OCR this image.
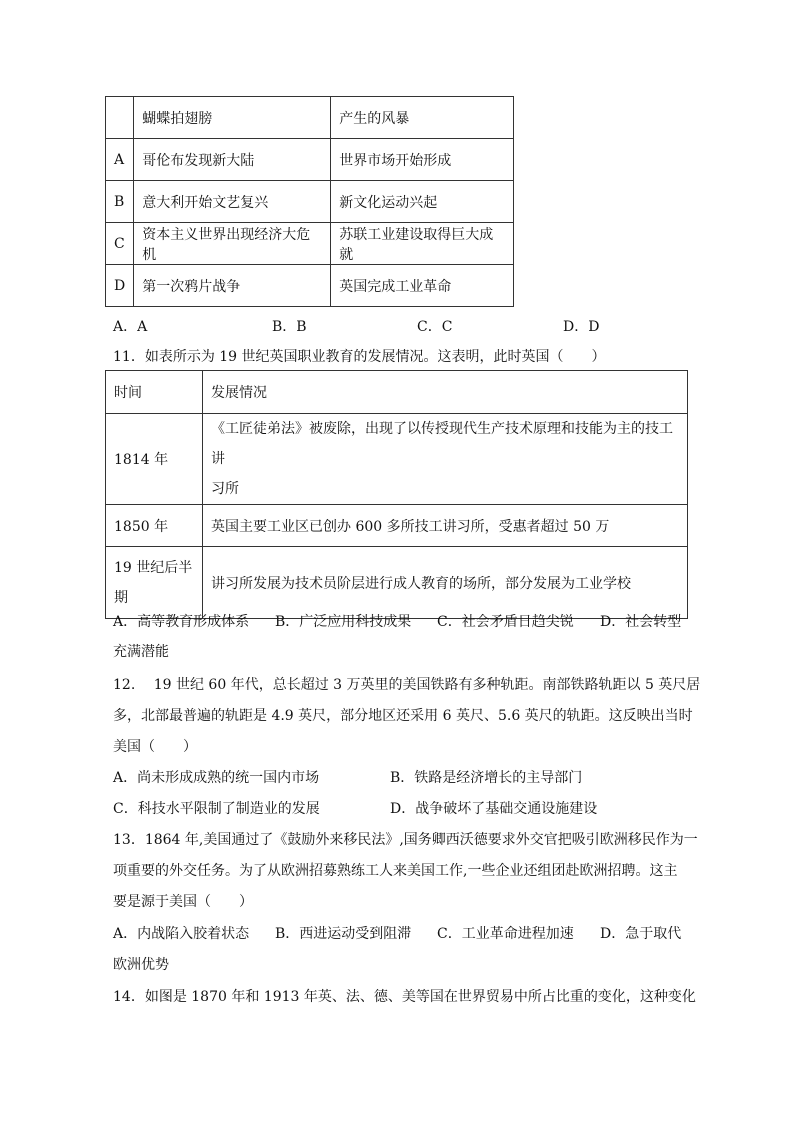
	蝴蝶拍翅膀	产生的风暴
A	哥伦布发现新大陆	世界市场开始形成
B	意大利开始文艺复兴	新文化运动兴起
C	资本主义世界出现经济大危机	苏联工业建设取得巨大成就
D	第一次鸦片战争	英国完成工业革命
A．A	B．B	C．C	D．D
11．如表所示为 19 世纪英国职业教育的发展情况。这表明，此时英国（　　）
时间	发展情况
1814 年	《工匠徒弟法》被废除，出现了以传授现代生产技术原理和技能为主的技工讲
习所

1850 年	英国主要工业区已创办 600 多所技工讲习所，受惠者超过 50 万

19 世纪后半
期	讲习所发展为技术员阶层进行成人教育的场所，部分发展为工业学校
A．高等教育形成体系 B．广泛应用科技成果 C．社会矛盾日趋尖锐 D．社会转型
充满潜能
12.　 19 世纪 60 年代，总长超过 3 万英里的美国铁路有多种轨距。南部铁路轨距以 5 英尺居
多，北部最普遍的轨距是 4.9 英尺，部分地区还采用 6 英尺、5.6 英尺的轨距。这反映出当时
美国（　　）
A．尚未形成成熟的统一国内市场	B．铁路是经济增长的主导部门
C．科技水平限制了制造业的发展	D．战争破坏了基础交通设施建设
13．1864 年,美国通过了《鼓励外来移民法》,国务卿西沃德要求外交官把吸引欧洲移民作为一
项重要的外交任务。为了从欧洲招募熟练工人来美国工作,一些企业还组团赴欧洲招聘。这主
要是源于美国（　　）
A．内战陷入胶着状态 B．西进运动受到阻滞 C．工业革命进程加速 D．急于取代
欧洲优势
14．如图是 1870 年和 1913 年英、法、德、美等国在世界贸易中所占比重的变化，这种变化
